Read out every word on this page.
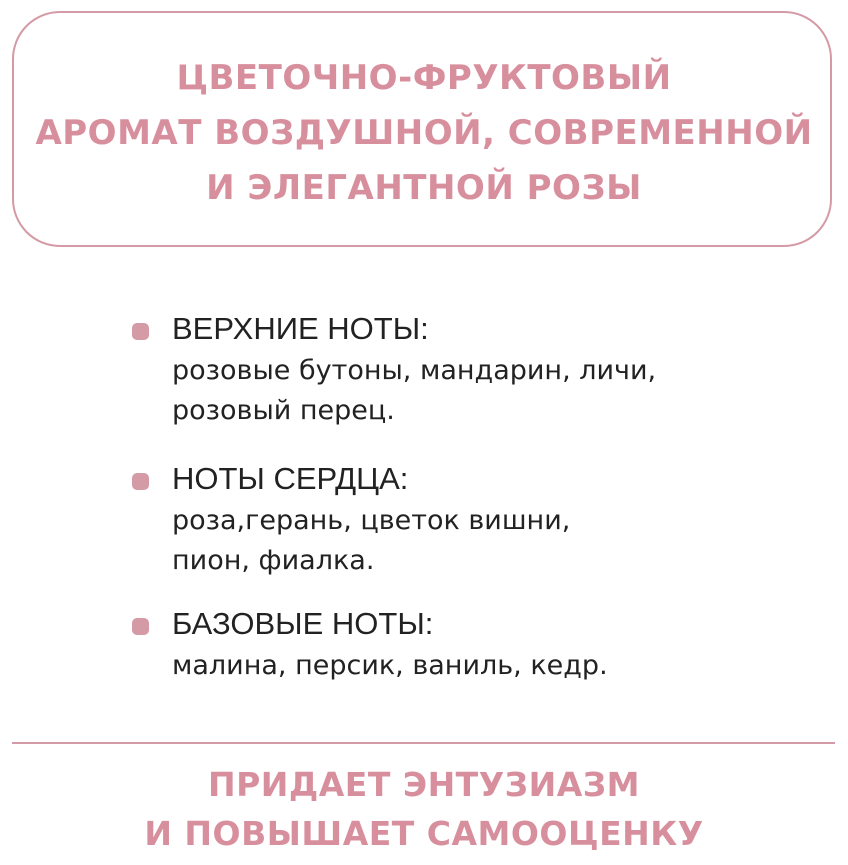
ЦВЕТОЧНО-ФРУКТОВЫЙ
АРОМАТ ВОЗДУШНОЙ, СОВРЕМЕННОЙ
И ЭЛЕГАНТНОЙ РОЗЫ
ВЕРХНИЕ НОТЫ:
розовые бутоны, мандарин, личи,
розовый перец.
НОТЫ СЕРДЦА:
роза,герань, цветок вишни,
пион, фиалка.
БАЗОВЫЕ НОТЫ:
малина, персик, ваниль, кедр.
ПРИДАЕТ ЭНТУЗИАЗМ
И ПОВЫШАЕТ САМООЦЕНКУ
